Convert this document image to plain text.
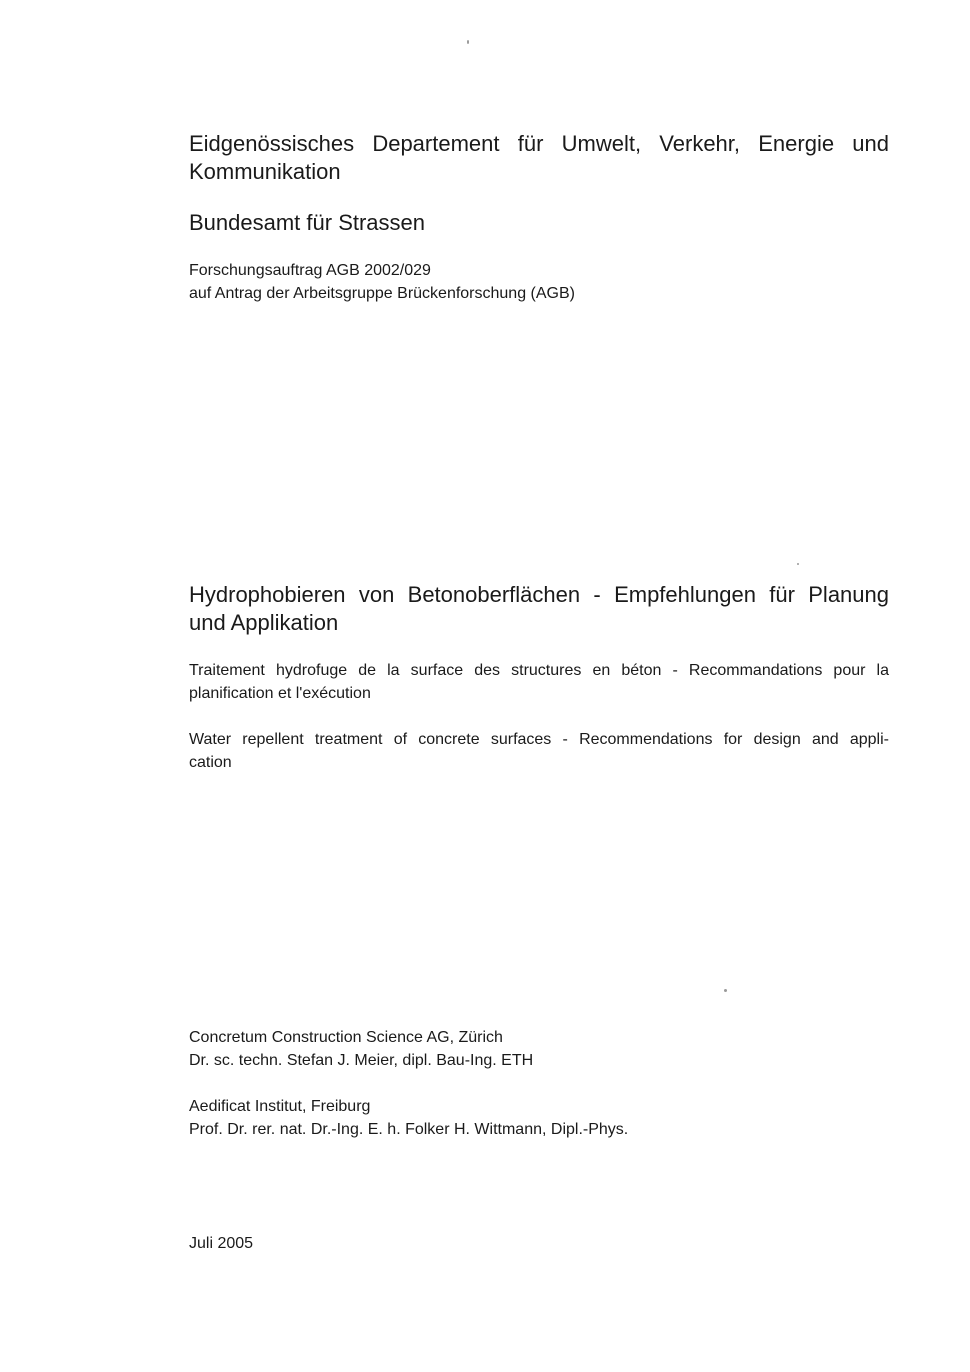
Eidgenössisches Departement für Umwelt, Verkehr, Energie und
Kommunikation

Bundesamt für Strassen

Forschungsauftrag AGB 2002/029
auf Antrag der Arbeitsgruppe Brückenforschung (AGB)

Hydrophobieren von Betonoberflächen - Empfehlungen für Planung
und Applikation

Traitement hydrofuge de la surface des structures en béton - Recommandations pour la
planification et l'exécution

Water repellent treatment of concrete surfaces - Recommendations for design and appli-
cation

Concretum Construction Science AG, Zürich
Dr. sc. techn. Stefan J. Meier, dipl. Bau-Ing. ETH

Aedificat Institut, Freiburg
Prof. Dr. rer. nat. Dr.-Ing. E. h. Folker H. Wittmann, Dipl.-Phys.

Juli 2005
